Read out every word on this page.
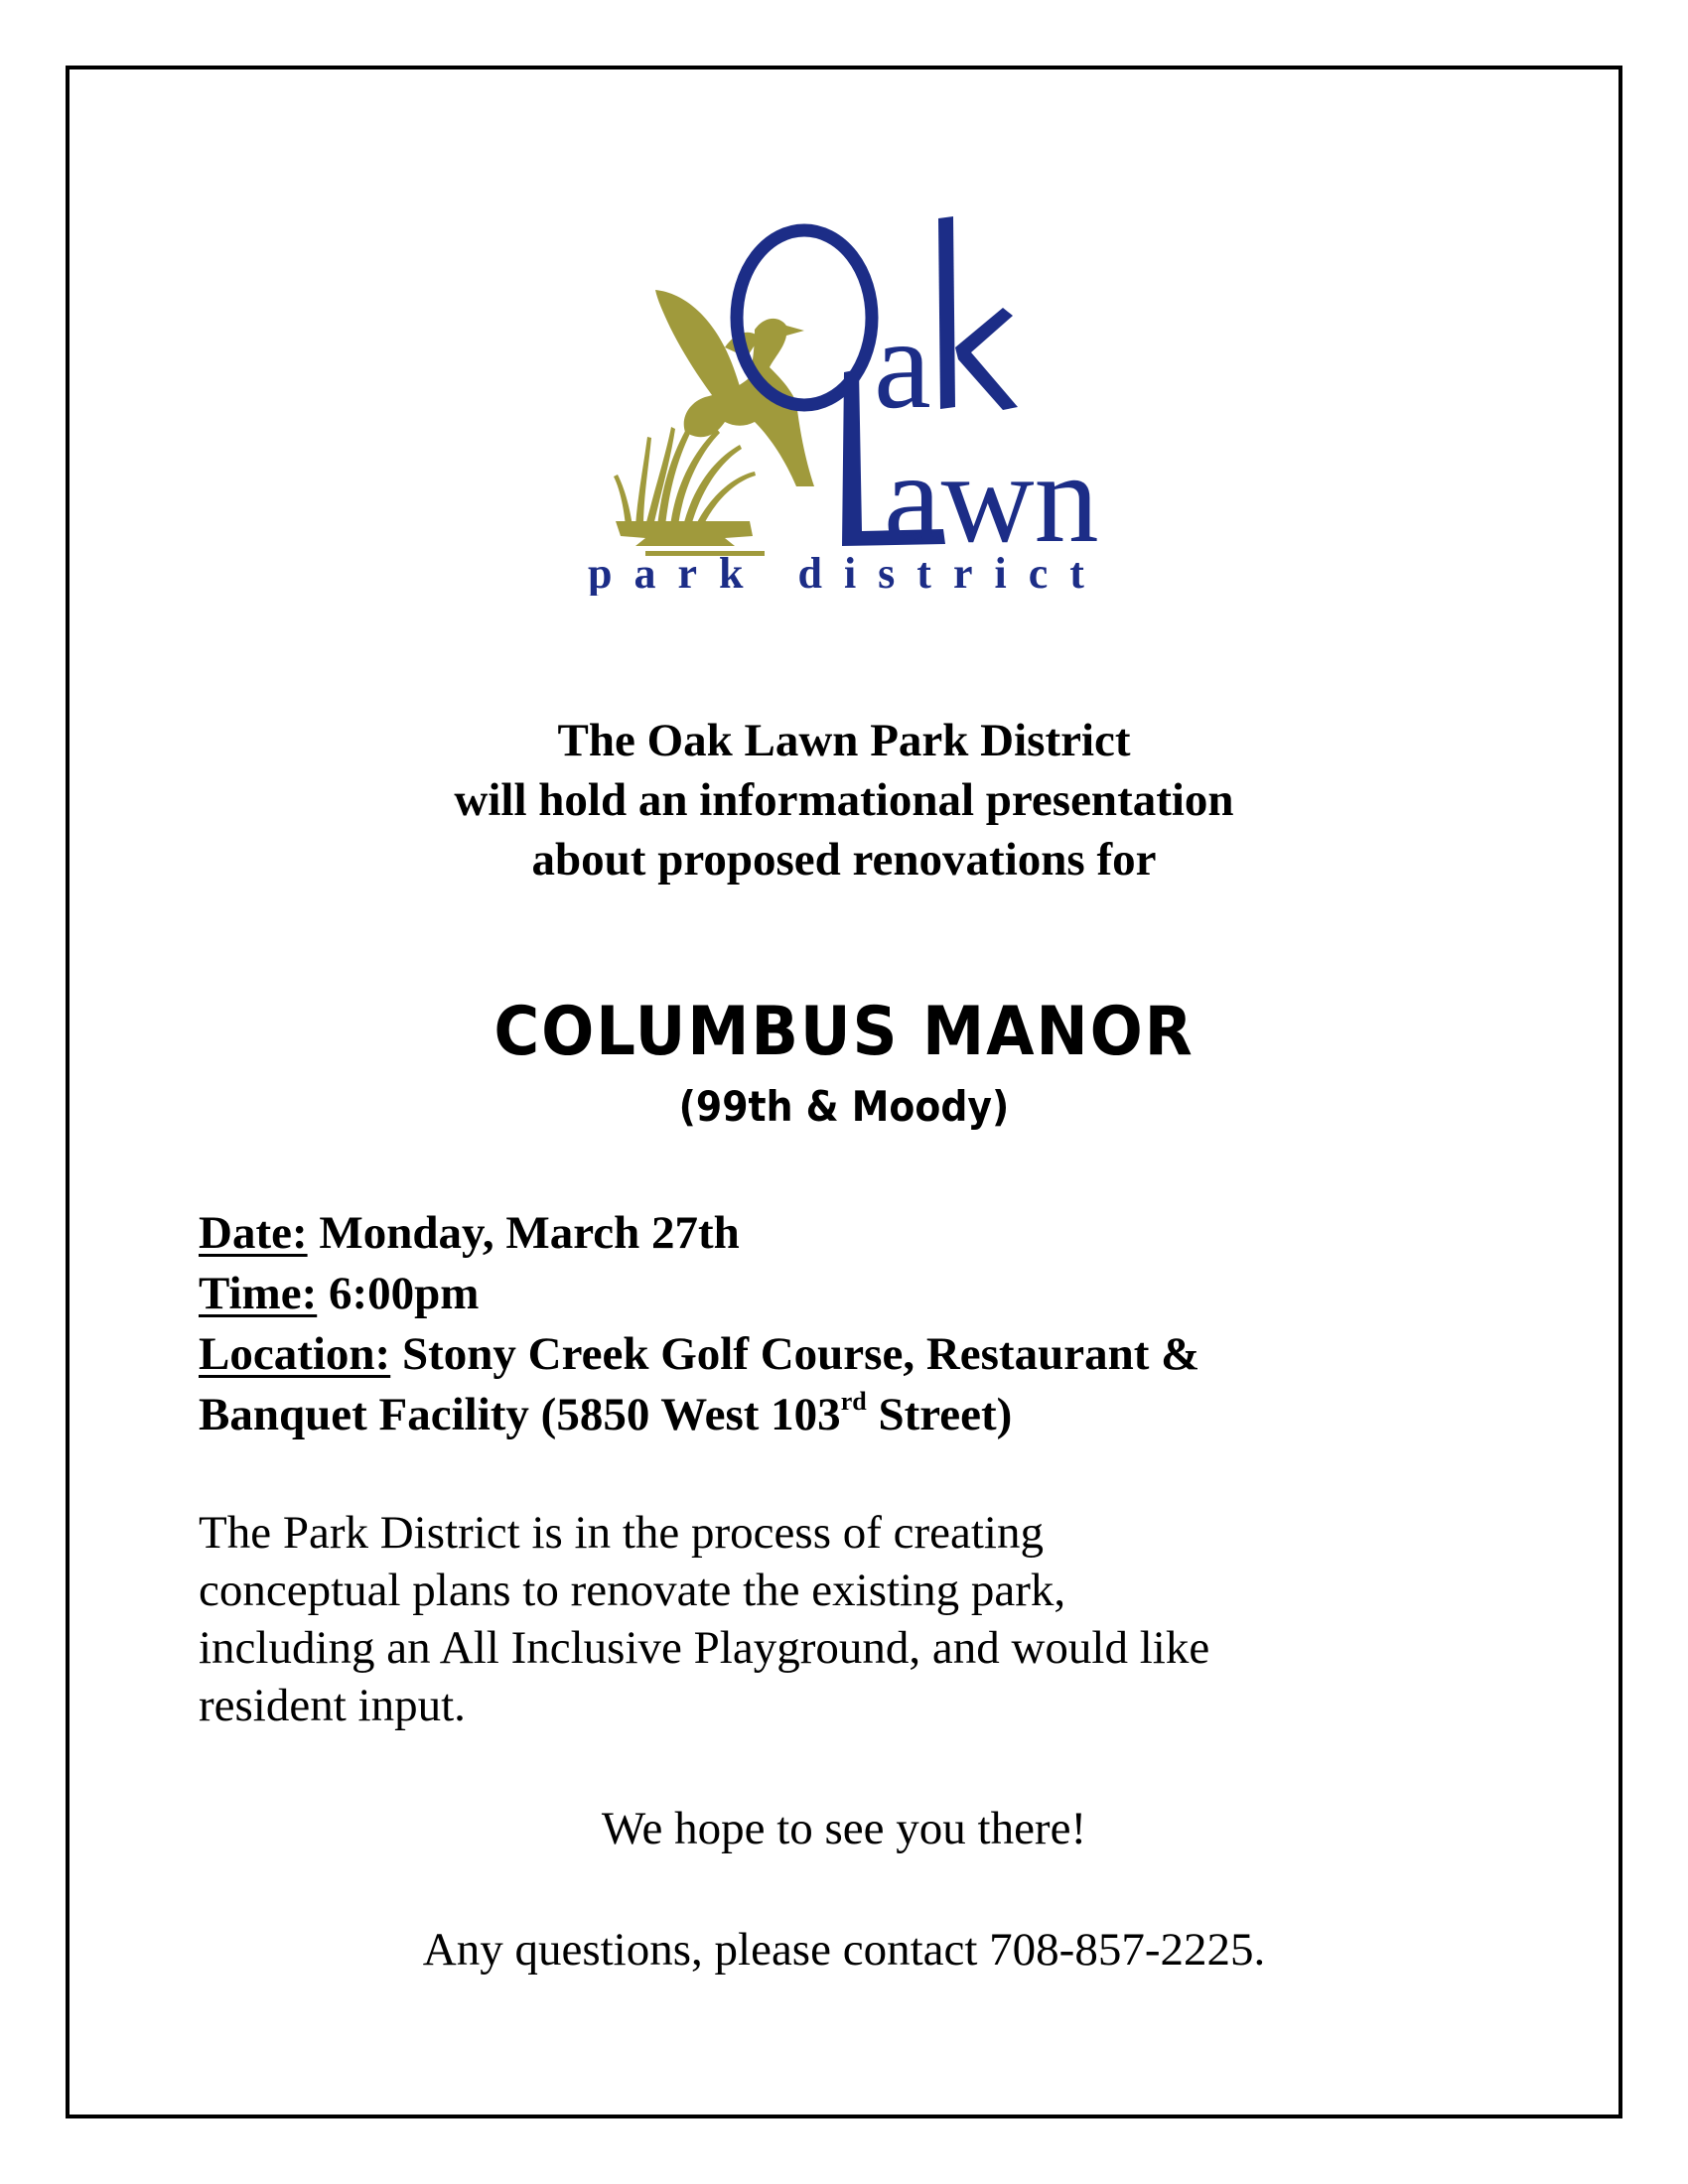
a
awn
park district
The Oak Lawn Park District
will hold an informational presentation
about proposed renovations for
COLUMBUS MANOR
(99th & Moody)
Date: Monday, March 27th
Time: 6:00pm
Location: Stony Creek Golf Course, Restaurant &
Banquet Facility (5850 West 103rd Street)
The Park District is in the process of creating
conceptual plans to renovate the existing park,
including an All Inclusive Playground, and would like
resident input.
We hope to see you there!
Any questions, please contact 708-857-2225.
